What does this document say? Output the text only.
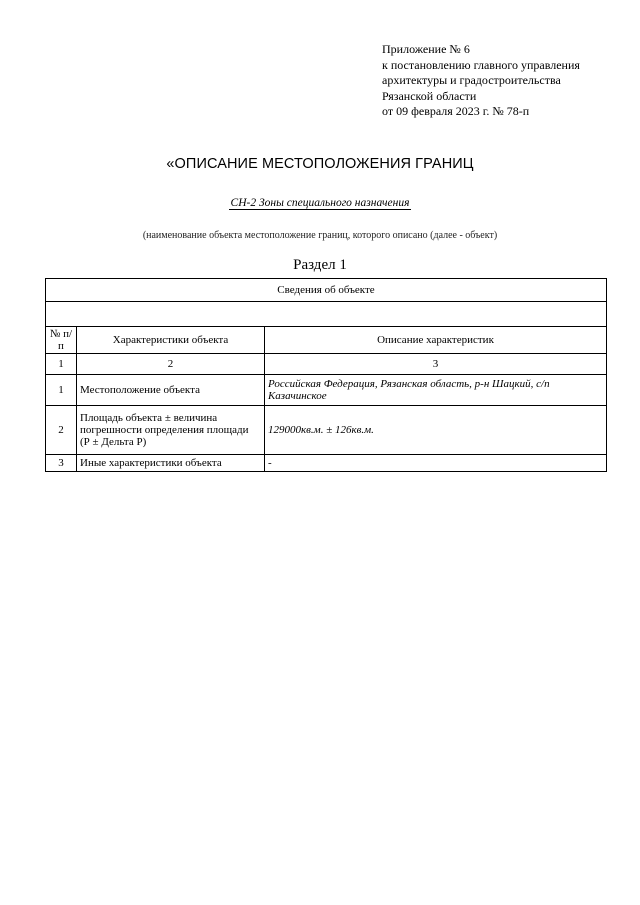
Приложение № 6
к постановлению главного управления
архитектуры и градостроительства
Рязанской области
от 09 февраля 2023 г. № 78-п
«ОПИСАНИЕ МЕСТОПОЛОЖЕНИЯ ГРАНИЦ
СН-2 Зоны специального назначения
(наименование объекта местоположение границ, которого описано (далее - объект)
Раздел 1
Сведения об объекте		

№ п/п	Характеристики объекта	Описание характеристик
1	2	3
1	Местоположение объекта	Российская Федерация, Рязанская область, р-н Шацкий, с/п Казачинское
2	Площадь объекта ± величина погрешности определения площади (Р ± Дельта Р)	129000кв.м. ± 126кв.м.
3	Иные характеристики объекта	-
